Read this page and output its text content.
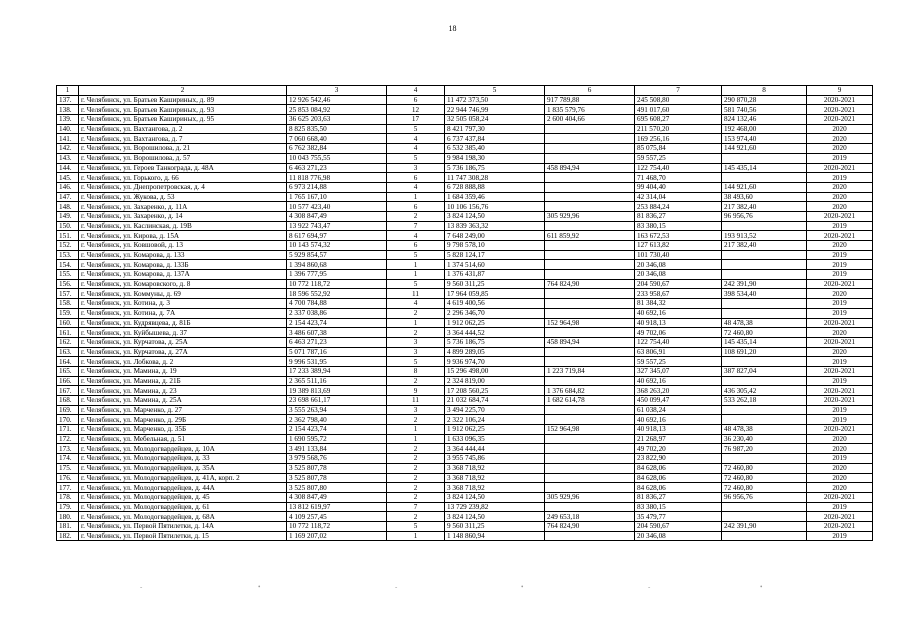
18
1	2	3	4	5	6	7	8	9
137.	г. Челябинск, ул. Братьев Кашириных, д. 89	12 926 542,46	6	11 472 373,50	917 789,88	245 508,80	290 870,28	2020-2021
138.	г. Челябинск, ул. Братьев Кашириных, д. 93	25 853 084,92	12	22 944 746,99	1 835 579,76	491 017,60	581 740,56	2020-2021
139.	г. Челябинск, ул. Братьев Кашириных, д. 95	36 625 203,63	17	32 505 058,24	2 600 404,66	695 608,27	824 132,46	2020-2021
140.	г. Челябинск, ул. Вахтангова, д. 2	8 825 835,50	5	8 421 797,30		211 570,20	192 468,00	2020
141.	г. Челябинск, ул. Вахтангова, д. 7	7 060 668,40	4	6 737 437,84		169 256,16	153 974,40	2020
142.	г. Челябинск, ул. Ворошилова, д. 21	6 762 382,84	4	6 532 385,40		85 075,84	144 921,60	2020
143.	г. Челябинск, ул. Ворошилова, д. 57	10 043 755,55	5	9 984 198,30		59 557,25		2019
144.	г. Челябинск, ул. Героев Танкограда, д. 48А	6 463 271,23	3	5 736 186,75	458 894,94	122 754,40	145 435,14	2020-2021
145.	г. Челябинск, ул. Горького, д. 66	11 818 776,98	6	11 747 308,28		71 468,70		2019
146.	г. Челябинск, ул. Днепропетровская, д. 4	6 973 214,88	4	6 728 888,88		99 404,40	144 921,60	2020
147.	г. Челябинск, ул. Жукова, д. 53	1 765 167,10	1	1 684 359,46		42 314,04	38 493,60	2020
148.	г. Челябинск, ул. Захаренко, д. 11А	10 577 423,40	6	10 106 156,76		253 884,24	217 382,40	2020
149.	г. Челябинск, ул. Захаренко, д. 14	4 308 847,49	2	3 824 124,50	305 929,96	81 836,27	96 956,76	2020-2021
150.	г. Челябинск, ул. Каслинская, д. 19В	13 922 743,47	7	13 839 363,32		83 380,15		2019
151.	г. Челябинск, ул. Кирова, д. 15А	8 617 694,97	4	7 648 249,00	611 859,92	163 672,53	193 913,52	2020-2021
152.	г. Челябинск, ул. Ковшовой, д. 13	10 143 574,32	6	9 798 578,10		127 613,82	217 382,40	2020
153.	г. Челябинск, ул. Комарова, д. 133	5 929 854,57	5	5 828 124,17		101 730,40		2019
154.	г. Челябинск, ул. Комарова, д. 133Б	1 394 860,68	1	1 374 514,60		20 346,08		2019
155.	г. Челябинск, ул. Комарова, д. 137А	1 396 777,95	1	1 376 431,87		20 346,08		2019
156.	г. Челябинск, ул. Комаровского, д. 8	10 772 118,72	5	9 560 311,25	764 824,90	204 590,67	242 391,90	2020-2021
157.	г. Челябинск, ул. Коммуны, д. 69	18 596 552,92	11	17 964 059,85		233 958,67	398 534,40	2020
158.	г. Челябинск, ул. Котина, д. 3	4 700 784,88	4	4 619 400,56		81 384,32		2019
159.	г. Челябинск, ул. Котина, д. 7А	2 337 038,86	2	2 296 346,70		40 692,16		2019
160.	г. Челябинск, ул. Кудрявцева, д. 81Б	2 154 423,74	1	1 912 062,25	152 964,98	40 918,13	48 478,38	2020-2021
161.	г. Челябинск, ул. Куйбышева, д. 37	3 486 607,38	2	3 364 444,52		49 702,06	72 460,80	2020
162.	г. Челябинск, ул. Курчатова, д. 25А	6 463 271,23	3	5 736 186,75	458 894,94	122 754,40	145 435,14	2020-2021
163.	г. Челябинск, ул. Курчатова, д. 27А	5 071 787,16	3	4 899 289,05		63 806,91	108 691,20	2020
164.	г. Челябинск, ул. Лобкова, д. 2	9 996 531,95	5	9 936 974,70		59 557,25		2019
165.	г. Челябинск, ул. Мамина, д. 19	17 233 389,94	8	15 296 498,00	1 223 719,84	327 345,07	387 827,04	2020-2021
166.	г. Челябинск, ул. Мамина, д. 21Б	2 365 511,16	2	2 324 819,00		40 692,16		2019
167.	г. Челябинск, ул. Мамина, д. 23	19 389 813,69	9	17 208 560,25	1 376 684,82	368 263,20	436 305,42	2020-2021
168.	г. Челябинск, ул. Мамина, д. 25А	23 698 661,17	11	21 032 684,74	1 682 614,78	450 099,47	533 262,18	2020-2021
169.	г. Челябинск, ул. Марченко, д. 27	3 555 263,94	3	3 494 225,70		61 038,24		2019
170.	г. Челябинск, ул. Марченко, д. 29Б	2 362 798,40	2	2 322 106,24		40 692,16		2019
171.	г. Челябинск, ул. Марченко, д. 35Б	2 154 423,74	1	1 912 062,25	152 964,98	40 918,13	48 478,38	2020-2021
172.	г. Челябинск, ул. Мебельная, д. 51	1 690 595,72	1	1 633 096,35		21 268,97	36 230,40	2020
173.	г. Челябинск, ул. Молодогвардейцев, д. 10А	3 491 133,84	2	3 364 444,44		49 702,20	76 987,20	2020
174.	г. Челябинск, ул. Молодогвардейцев, д. 33	3 979 568,76	2	3 955 745,86		23 822,90		2019
175.	г. Челябинск, ул. Молодогвардейцев, д. 35А	3 525 807,78	2	3 368 718,92		84 628,06	72 460,80	2020
176.	г. Челябинск, ул. Молодогвардейцев, д. 41А, корп. 2	3 525 807,78	2	3 368 718,92		84 628,06	72 460,80	2020
177.	г. Челябинск, ул. Молодогвардейцев, д. 44А	3 525 807,80	2	3 368 718,92		84 628,06	72 460,80	2020
178.	г. Челябинск, ул. Молодогвардейцев, д. 45	4 308 847,49	2	3 824 124,50	305 929,96	81 836,27	96 956,76	2020-2021
179.	г. Челябинск, ул. Молодогвардейцев, д. 61	13 812 619,97	7	13 729 239,82		83 380,15		2019
180.	г. Челябинск, ул. Молодогвардейцев, д. 68А	4 109 257,45	2	3 824 124,50	249 653,18	35 479,77		2020-2021
181.	г. Челябинск, ул. Первой Пятилетки, д. 14А	10 772 118,72	5	9 560 311,25	764 824,90	204 590,67	242 391,90	2020-2021
182.	г. Челябинск, ул. Первой Пятилетки, д. 15	1 169 207,02	1	1 148 860,94		20 346,08		2019
-	•	-	•	-	•
